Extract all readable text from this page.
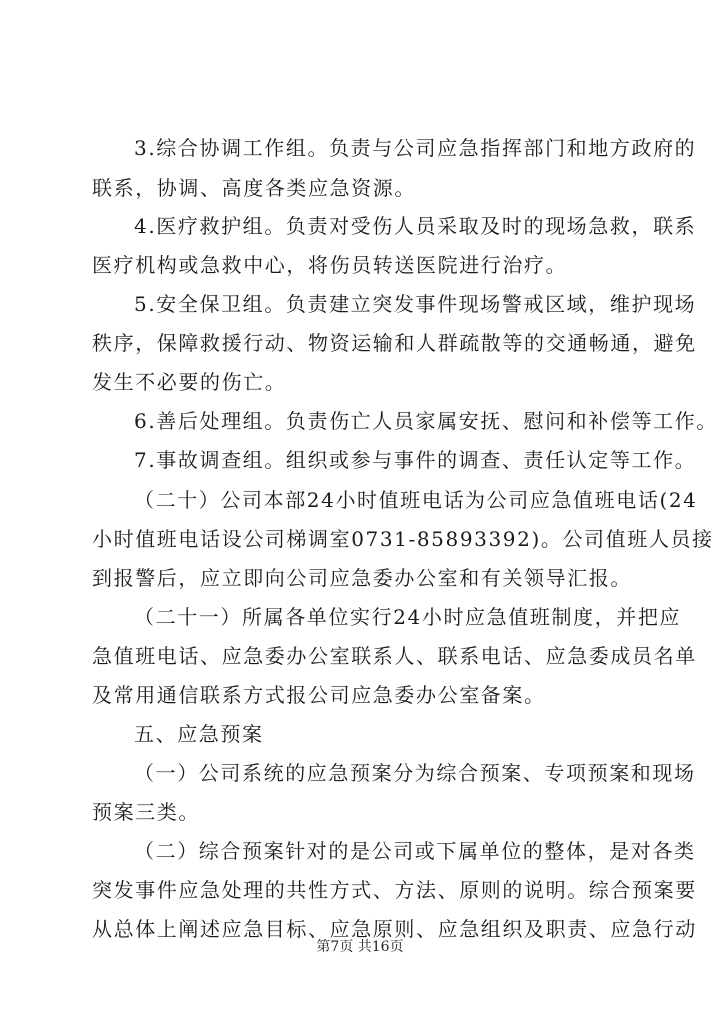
3.综合协调工作组。负责与公司应急指挥部门和地方政府的
联系，协调、高度各类应急资源。
4.医疗救护组。负责对受伤人员采取及时的现场急救，联系
医疗机构或急救中心，将伤员转送医院进行治疗。
5.安全保卫组。负责建立突发事件现场警戒区域，维护现场
秩序，保障救援行动、物资运输和人群疏散等的交通畅通，避免
发生不必要的伤亡。
6.善后处理组。负责伤亡人员家属安抚、慰问和补偿等工作。
7.事故调查组。组织或参与事件的调查、责任认定等工作。
（二十）公司本部24小时值班电话为公司应急值班电话(24
小时值班电话设公司梯调室0731-85893392)。公司值班人员接
到报警后，应立即向公司应急委办公室和有关领导汇报。
（二十一）所属各单位实行24小时应急值班制度，并把应
急值班电话、应急委办公室联系人、联系电话、应急委成员名单
及常用通信联系方式报公司应急委办公室备案。
五、应急预案
（一）公司系统的应急预案分为综合预案、专项预案和现场
预案三类。
（二）综合预案针对的是公司或下属单位的整体，是对各类
突发事件应急处理的共性方式、方法、原则的说明。综合预案要
从总体上阐述应急目标、应急原则、应急组织及职责、应急行动
第7页 共16页
